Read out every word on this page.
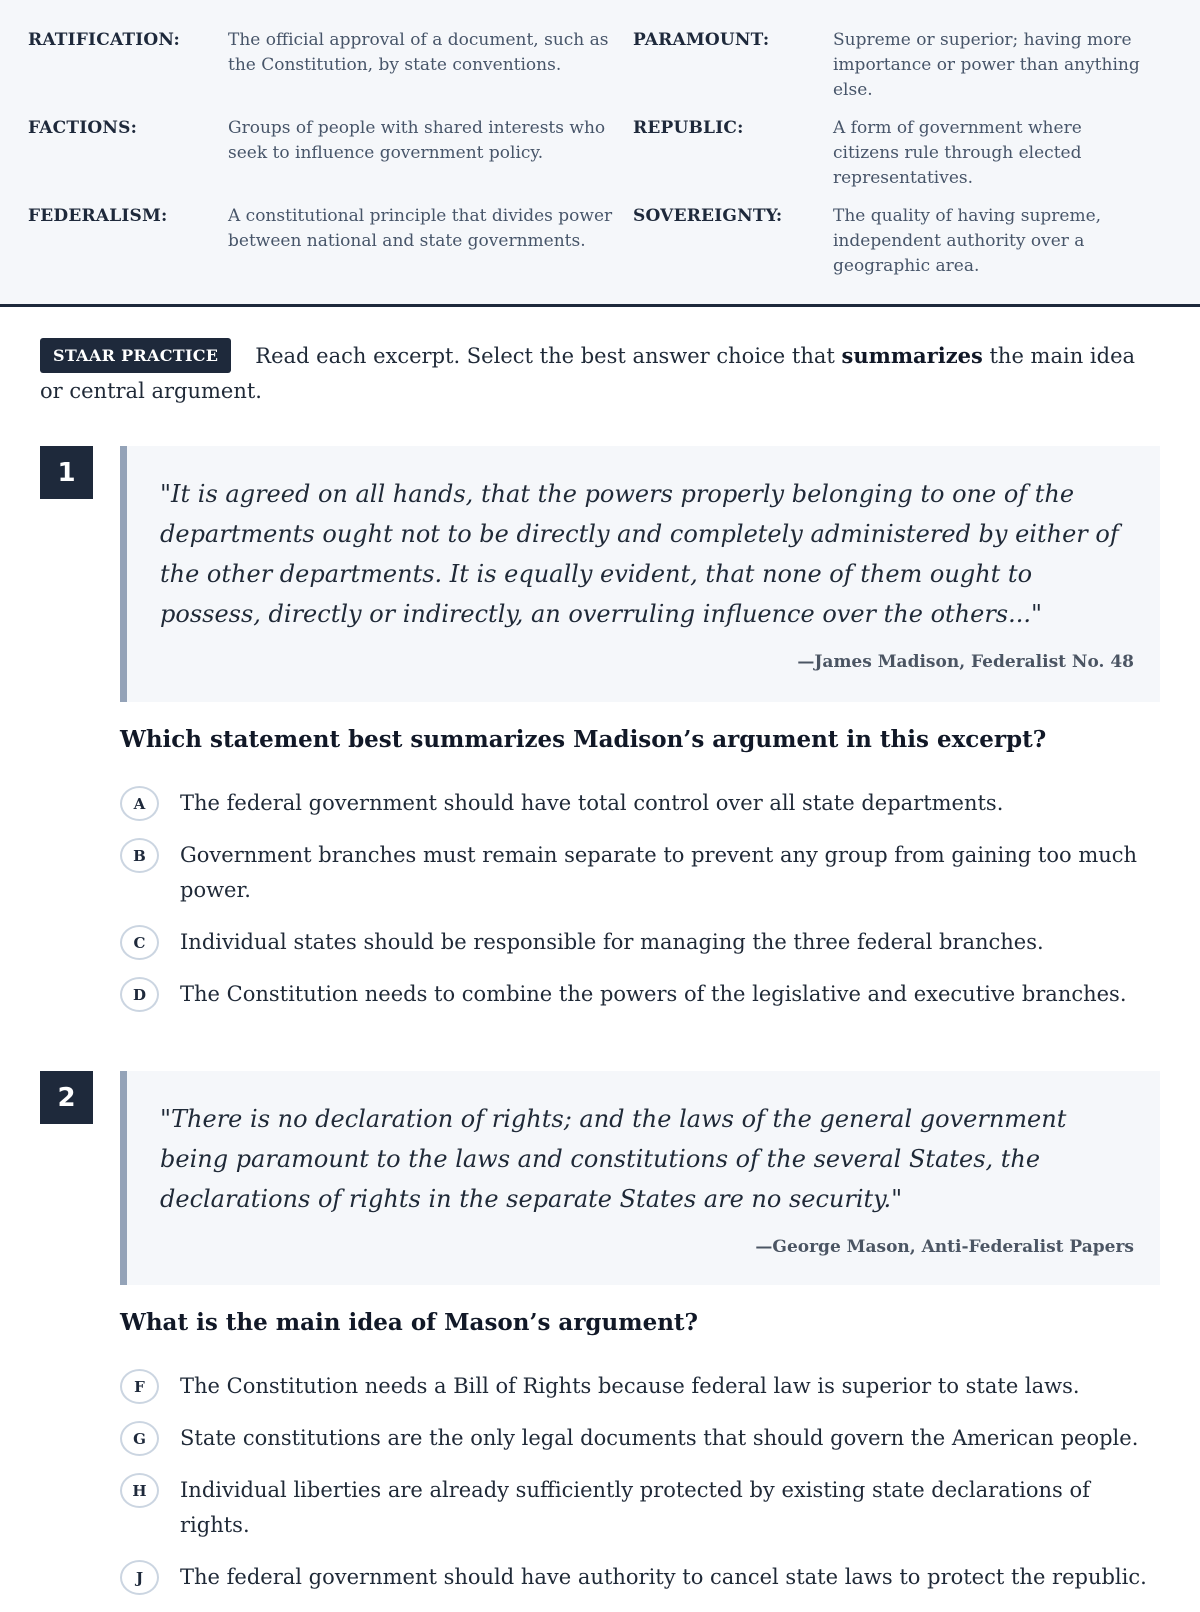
RATIFICATION:	The official approval of a document, such as the Constitution, by state conventions.
PARAMOUNT:	Supreme or superior; having more importance or power than anything else.
FACTIONS:	Groups of people with shared interests who seek to influence government policy.
REPUBLIC:	A form of government where citizens rule through elected representatives.
FEDERALISM:	A constitutional principle that divides power between national and state governments.
SOVEREIGNTY:	The quality of having supreme, independent authority over a geographic area.
STAAR PRACTICE Read each excerpt. Select the best answer choice that summarizes the main idea or central argument.
1

"It is agreed on all hands, that the powers properly belonging to one of the departments ought not to be directly and completely administered by either of the other departments. It is equally evident, that none of them ought to possess, directly or indirectly, an overruling influence over the others..."

—James Madison, Federalist No. 48

Which statement best summarizes Madison’s argument in this excerpt?
A	The federal government should have total control over all state departments.
B	Government branches must remain separate to prevent any group from gaining too much power.
C	Individual states should be responsible for managing the three federal branches.
D	The Constitution needs to combine the powers of the legislative and executive branches.
2

"There is no declaration of rights; and the laws of the general government being paramount to the laws and constitutions of the several States, the declarations of rights in the separate States are no security."

—George Mason, Anti-Federalist Papers

What is the main idea of Mason’s argument?
F	The Constitution needs a Bill of Rights because federal law is superior to state laws.
G	State constitutions are the only legal documents that should govern the American people.
H	Individual liberties are already sufficiently protected by existing state declarations of rights.
J	The federal government should have authority to cancel state laws to protect the republic.
